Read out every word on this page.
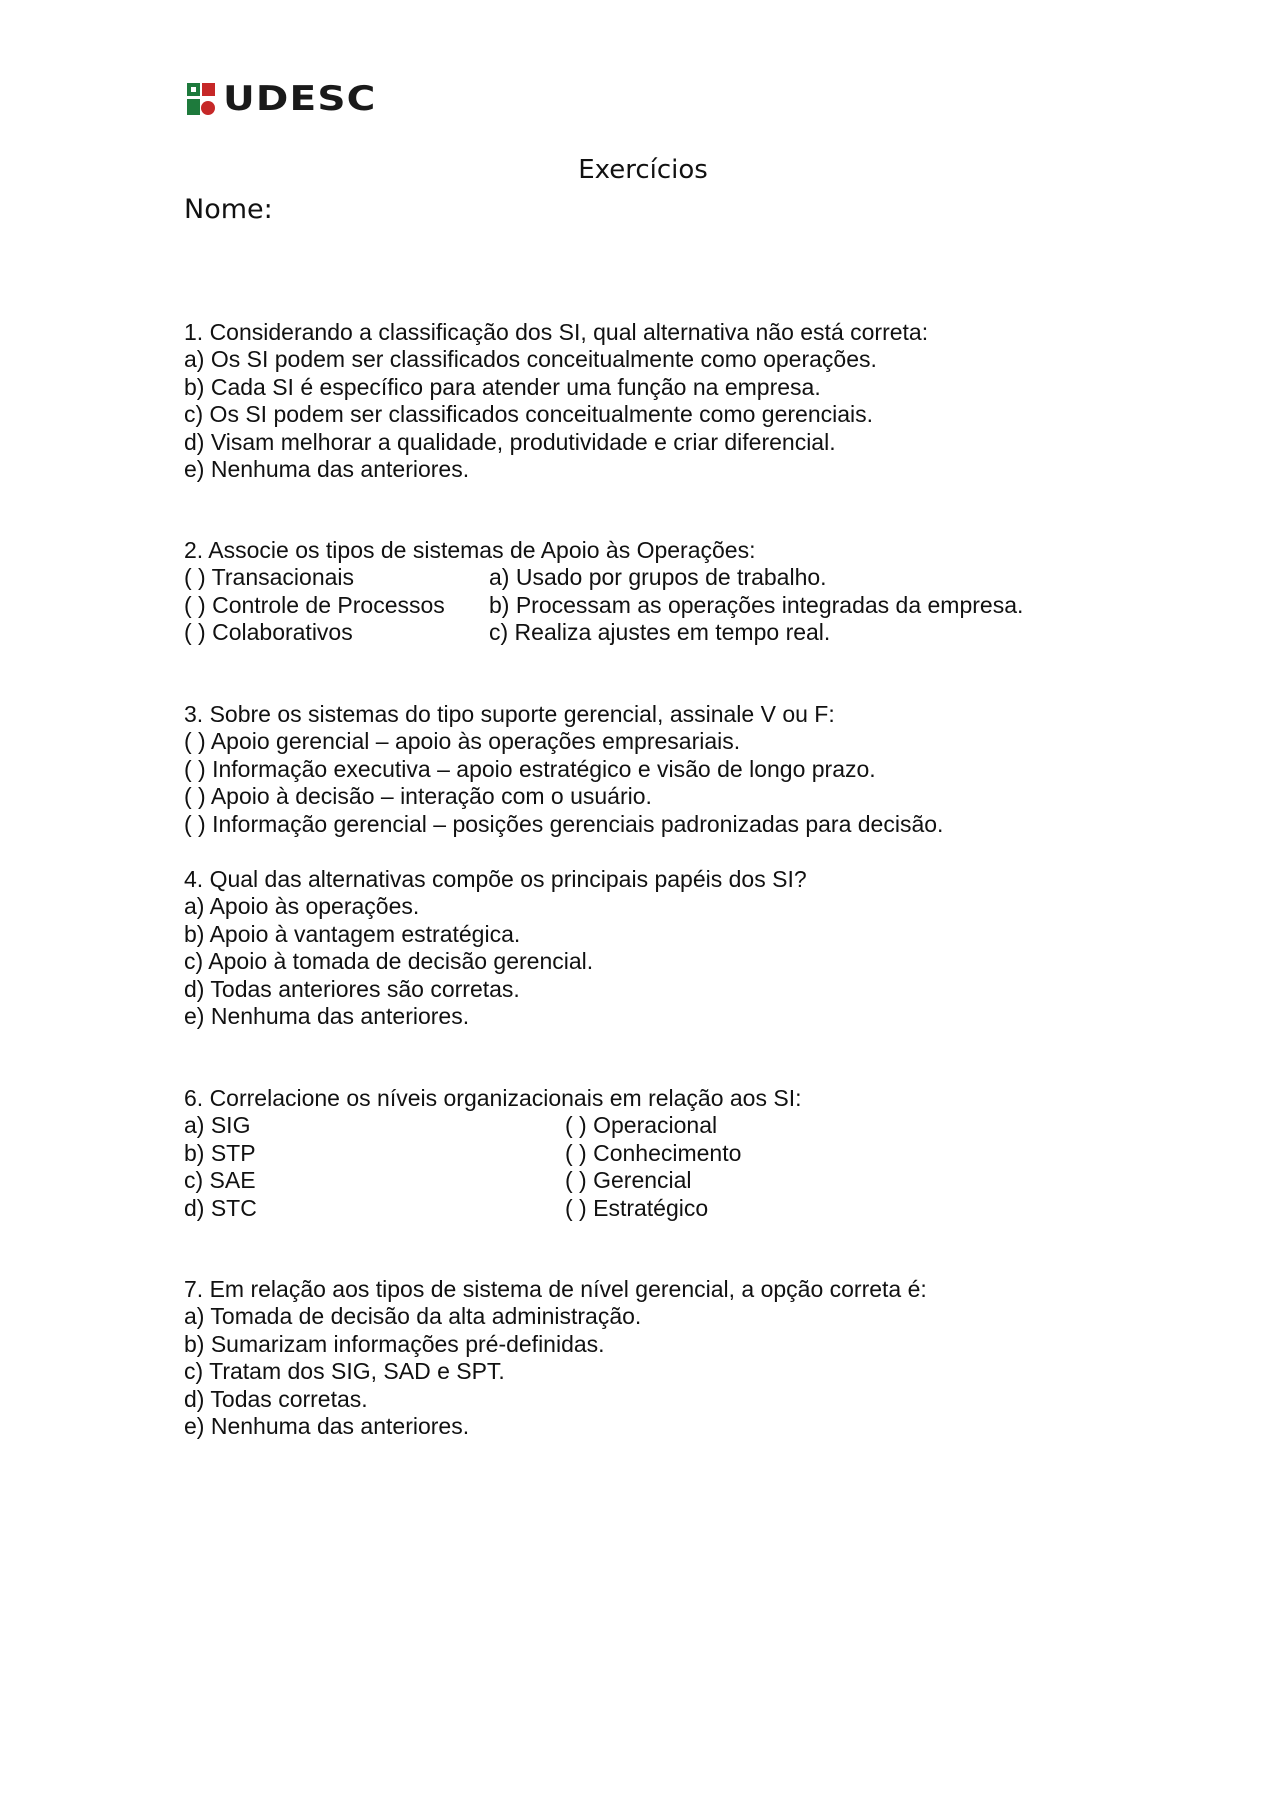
UDESC
Exercícios
Nome:
1. Considerando a classificação dos SI, qual alternativa não está correta:
a) Os SI podem ser classificados conceitualmente como operações.
b) Cada SI é específico para atender uma função na empresa.
c) Os SI podem ser classificados conceitualmente como gerenciais.
d) Visam melhorar a qualidade, produtividade e criar diferencial.
e) Nenhuma das anteriores.
2. Associe os tipos de sistemas de Apoio às Operações:
( ) Transacionais	a) Usado por grupos de trabalho.
( ) Controle de Processos	b) Processam as operações integradas da empresa.
( ) Colaborativos	c) Realiza ajustes em tempo real.
3. Sobre os sistemas do tipo suporte gerencial, assinale V ou F:
( ) Apoio gerencial – apoio às operações empresariais.
( ) Informação executiva – apoio estratégico e visão de longo prazo.
( ) Apoio à decisão – interação com o usuário.
( ) Informação gerencial – posições gerenciais padronizadas para decisão.
4. Qual das alternativas compõe os principais papéis dos SI?
a) Apoio às operações.
b) Apoio à vantagem estratégica.
c) Apoio à tomada de decisão gerencial.
d) Todas anteriores são corretas.
e) Nenhuma das anteriores.
6. Correlacione os níveis organizacionais em relação aos SI:
a) SIG	( ) Operacional
b) STP	( ) Conhecimento
c) SAE	( ) Gerencial
d) STC	( ) Estratégico
7. Em relação aos tipos de sistema de nível gerencial, a opção correta é:
a) Tomada de decisão da alta administração.
b) Sumarizam informações pré-definidas.
c) Tratam dos SIG, SAD e SPT.
d) Todas corretas.
e) Nenhuma das anteriores.
